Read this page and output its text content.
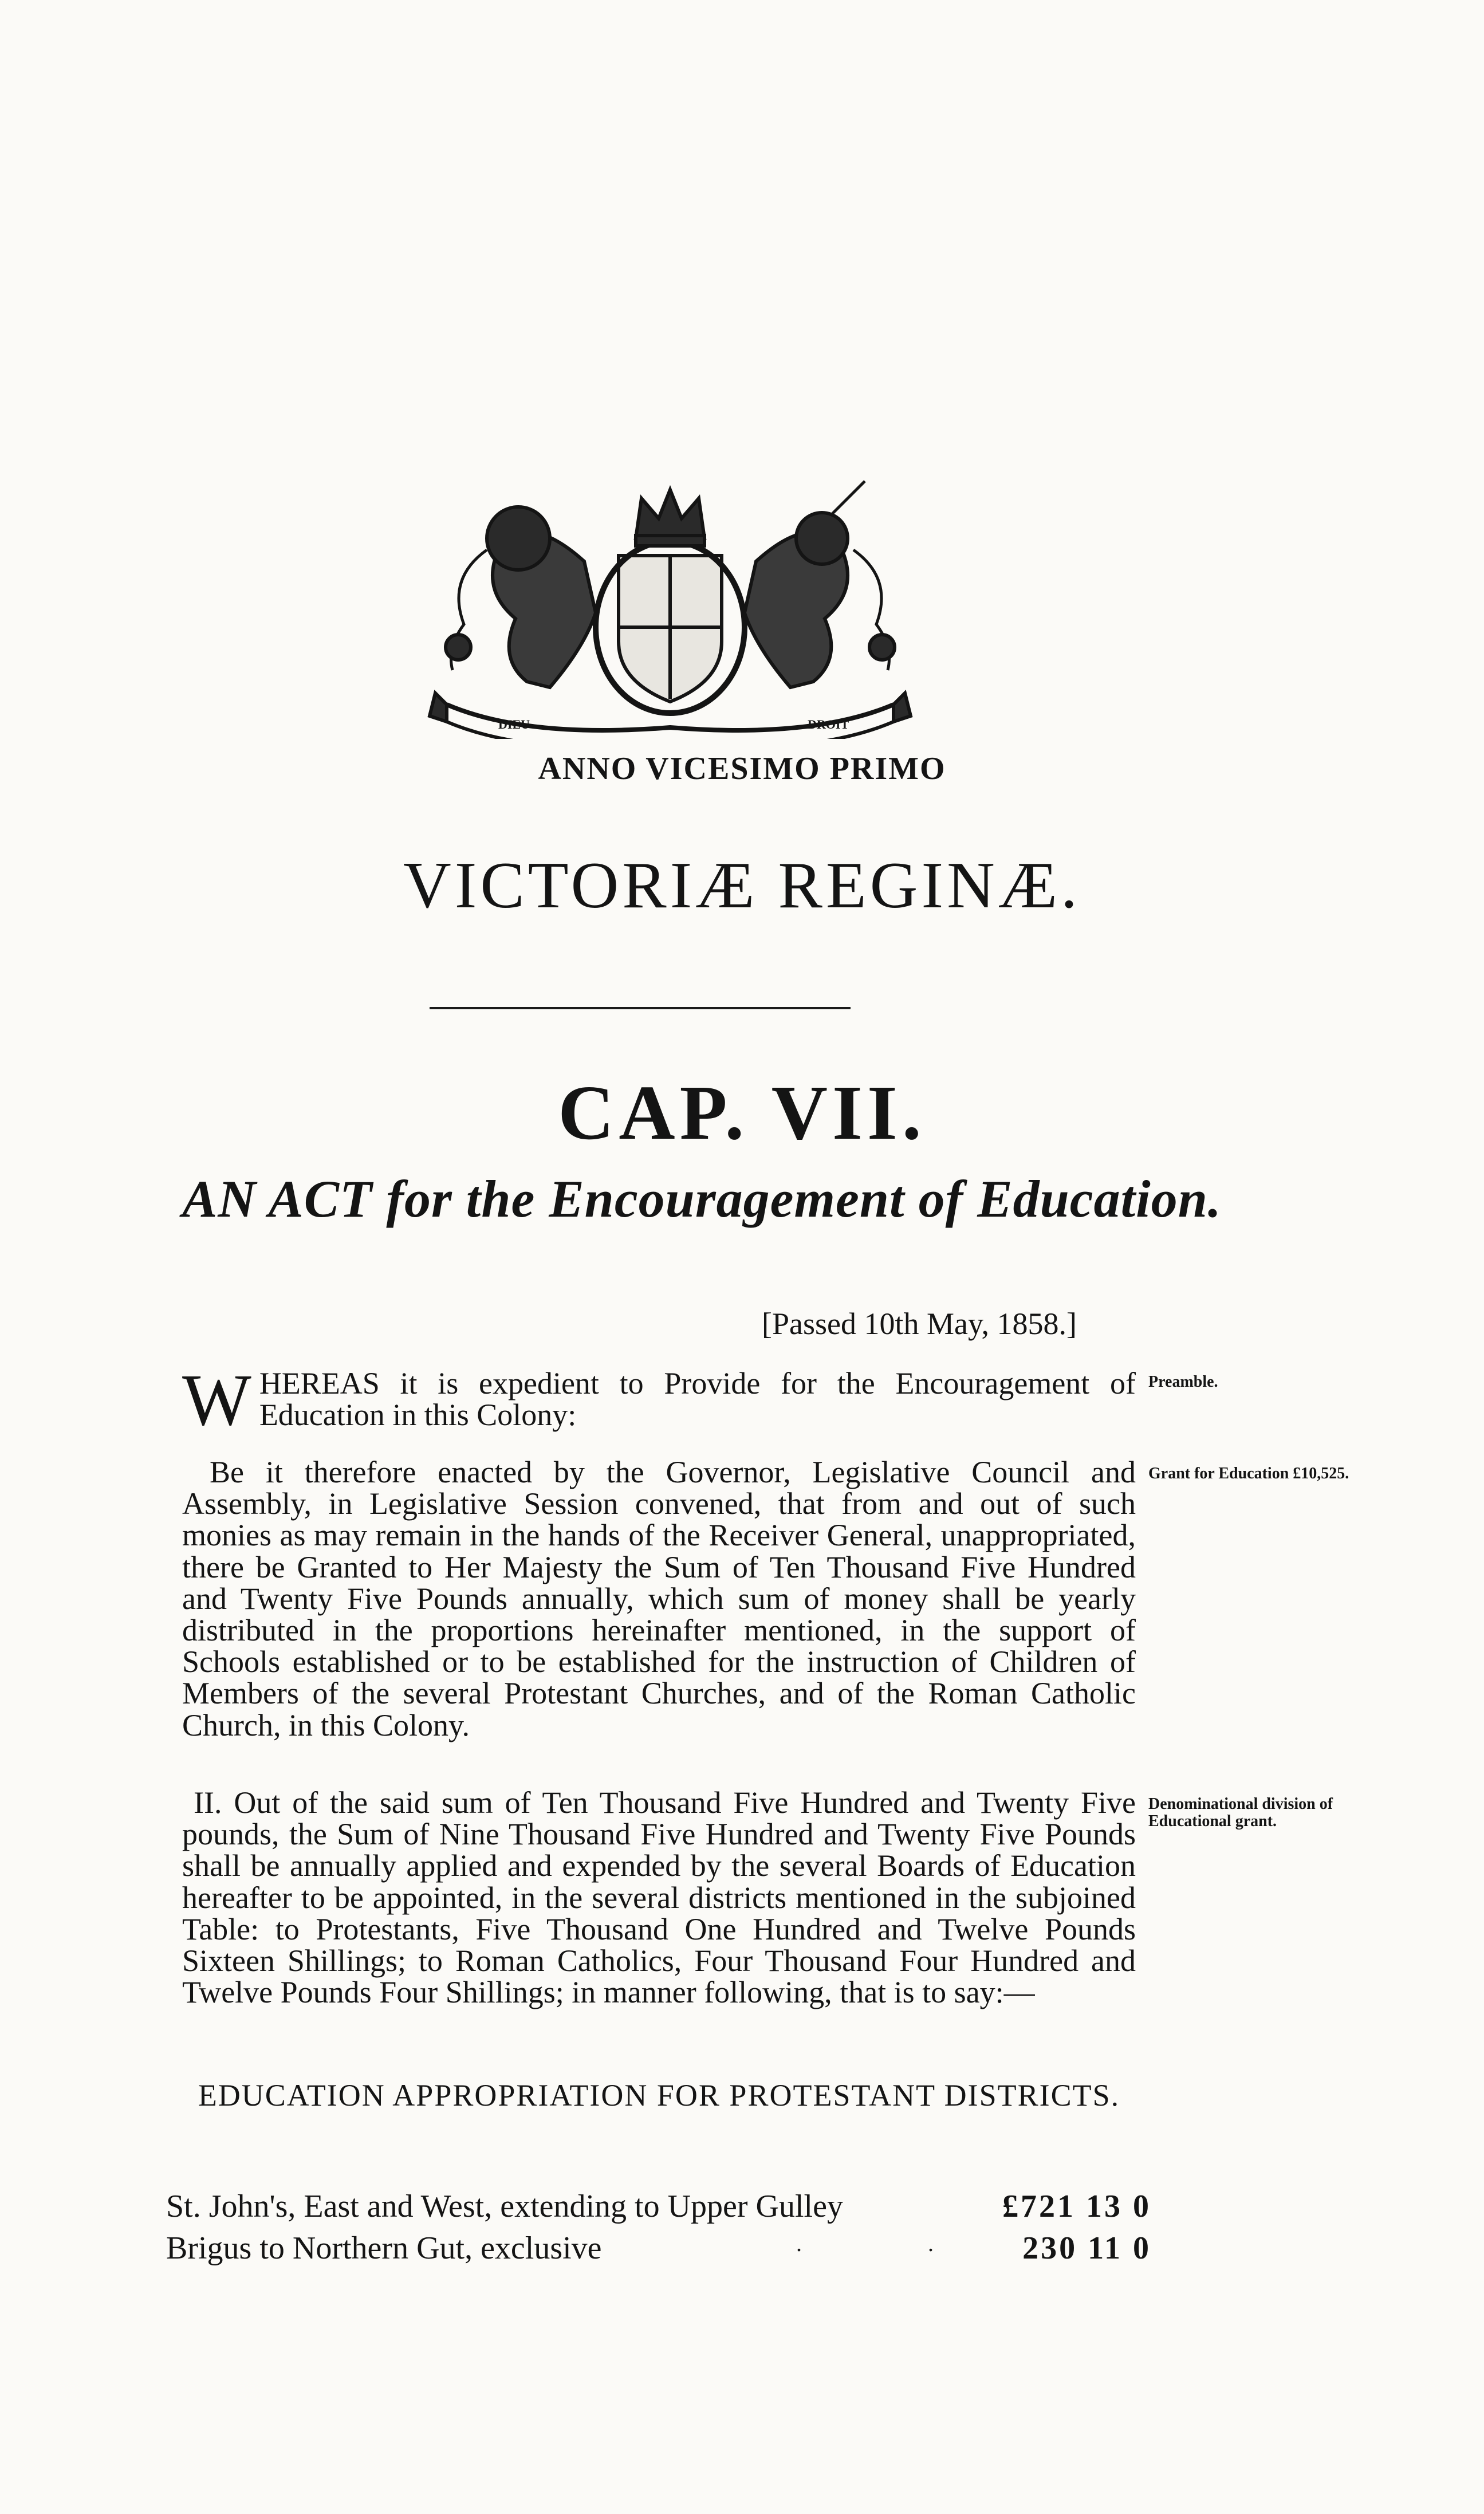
DIEU	DROIT
ANNO VICESIMO PRIMO
VICTORIÆ REGINÆ.
CAP. VII.
AN ACT for the Encouragement of Education.
[Passed 10th May, 1858.]
WHEREAS it is expedient to Provide for the Encouragement of Education in this Colony:
Preamble.
Be it therefore enacted by the Governor, Legislative Council and Assembly, in Legislative Session convened, that from and out of such monies as may remain in the hands of the Receiver General, unappropriated, there be Granted to Her Majesty the Sum of Ten Thousand Five Hundred and Twenty Five Pounds annually, which sum of money shall be yearly distributed in the proportions hereinafter mentioned, in the support of Schools established or to be established for the instruction of Children of Members of the several Protestant Churches, and of the Roman Catholic Church, in this Colony.
Grant for Education £10,525.
II. Out of the said sum of Ten Thousand Five Hundred and Twenty Five pounds, the Sum of Nine Thousand Five Hundred and Twenty Five Pounds shall be annually applied and expended by the several Boards of Education hereafter to be appointed, in the several districts mentioned in the subjoined Table: to Protestants, Five Thousand One Hundred and Twelve Pounds Sixteen Shillings; to Roman Catholics, Four Thousand Four Hundred and Twelve Pounds Four Shillings; in manner following, that is to say:—
Denominational division of Educational grant.
EDUCATION APPROPRIATION FOR PROTESTANT DISTRICTS.
St. John's, East and West, extending to Upper Gulley	£721 13 0
Brigus to Northern Gut, exclusive	.	.	230 11 0
